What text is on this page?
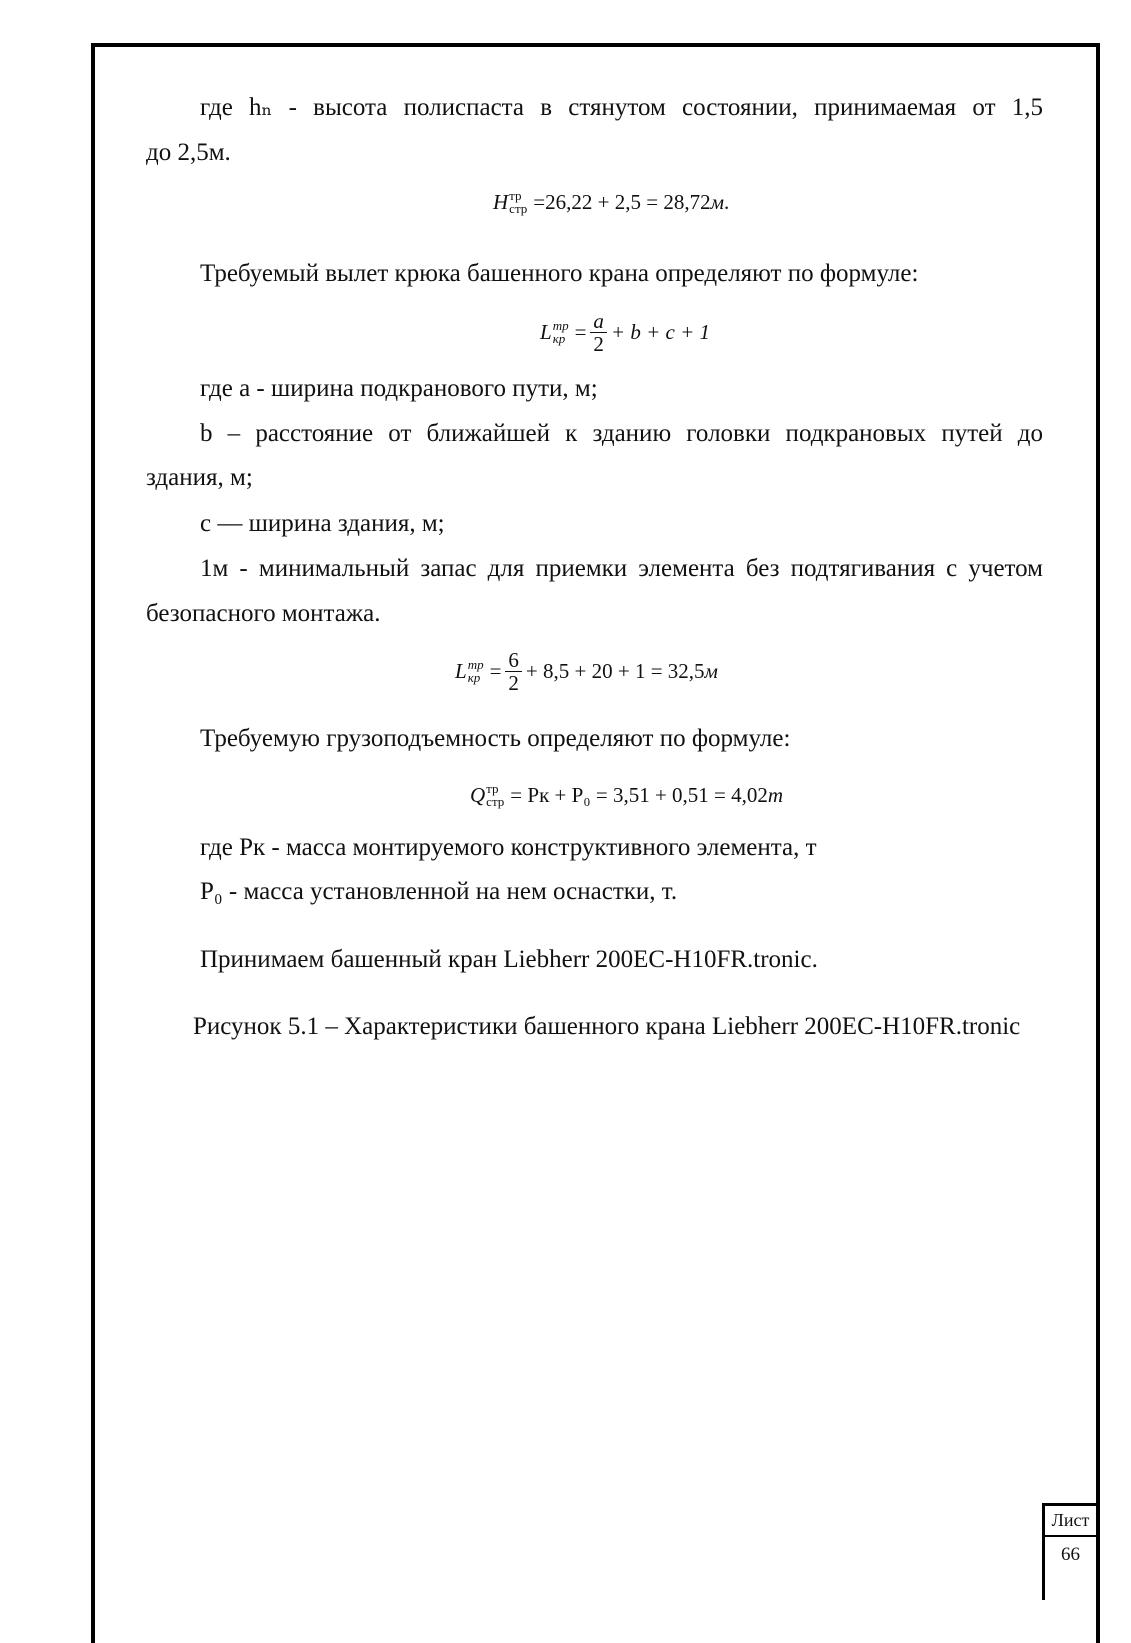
где hₙ - высота полиспаста в стянутом состоянии, принимаемая от 1,5
до 2,5м.
H тр
стр =26,22 + 2,5 = 28,72 м .
Требуемый вылет крюка башенного крана определяют по формуле:
L тр
кр = $\frac{a}{2} + b + c + 1$
где a - ширина подкранового пути, м;
b – расстояние от ближайшей к зданию головки подкрановых путей до
здания, м;
c –– ширина здания, м;
1м - минимальный запас для приемки элемента без подтягивания с учетом
безопасного монтажа.
L тр
кр = $\frac{6}{2} + 8,5 + 20 + 1 = 32,5$ м
Требуемую грузоподъемность определяют по формуле:
Q тр
стр = Pк + P₀ = 3,51 + 0,51 = 4,02 т
где Pк - масса монтируемого конструктивного элемента, т
P₀ - масса установленной на нем оснастки, т.
Принимаем башенный кран Liebherr 200EC-H10FR.tronic.
Рисунок 5.1 – Характеристики башенного крана Liebherr 200EC-H10FR.tronic
Лист
66
